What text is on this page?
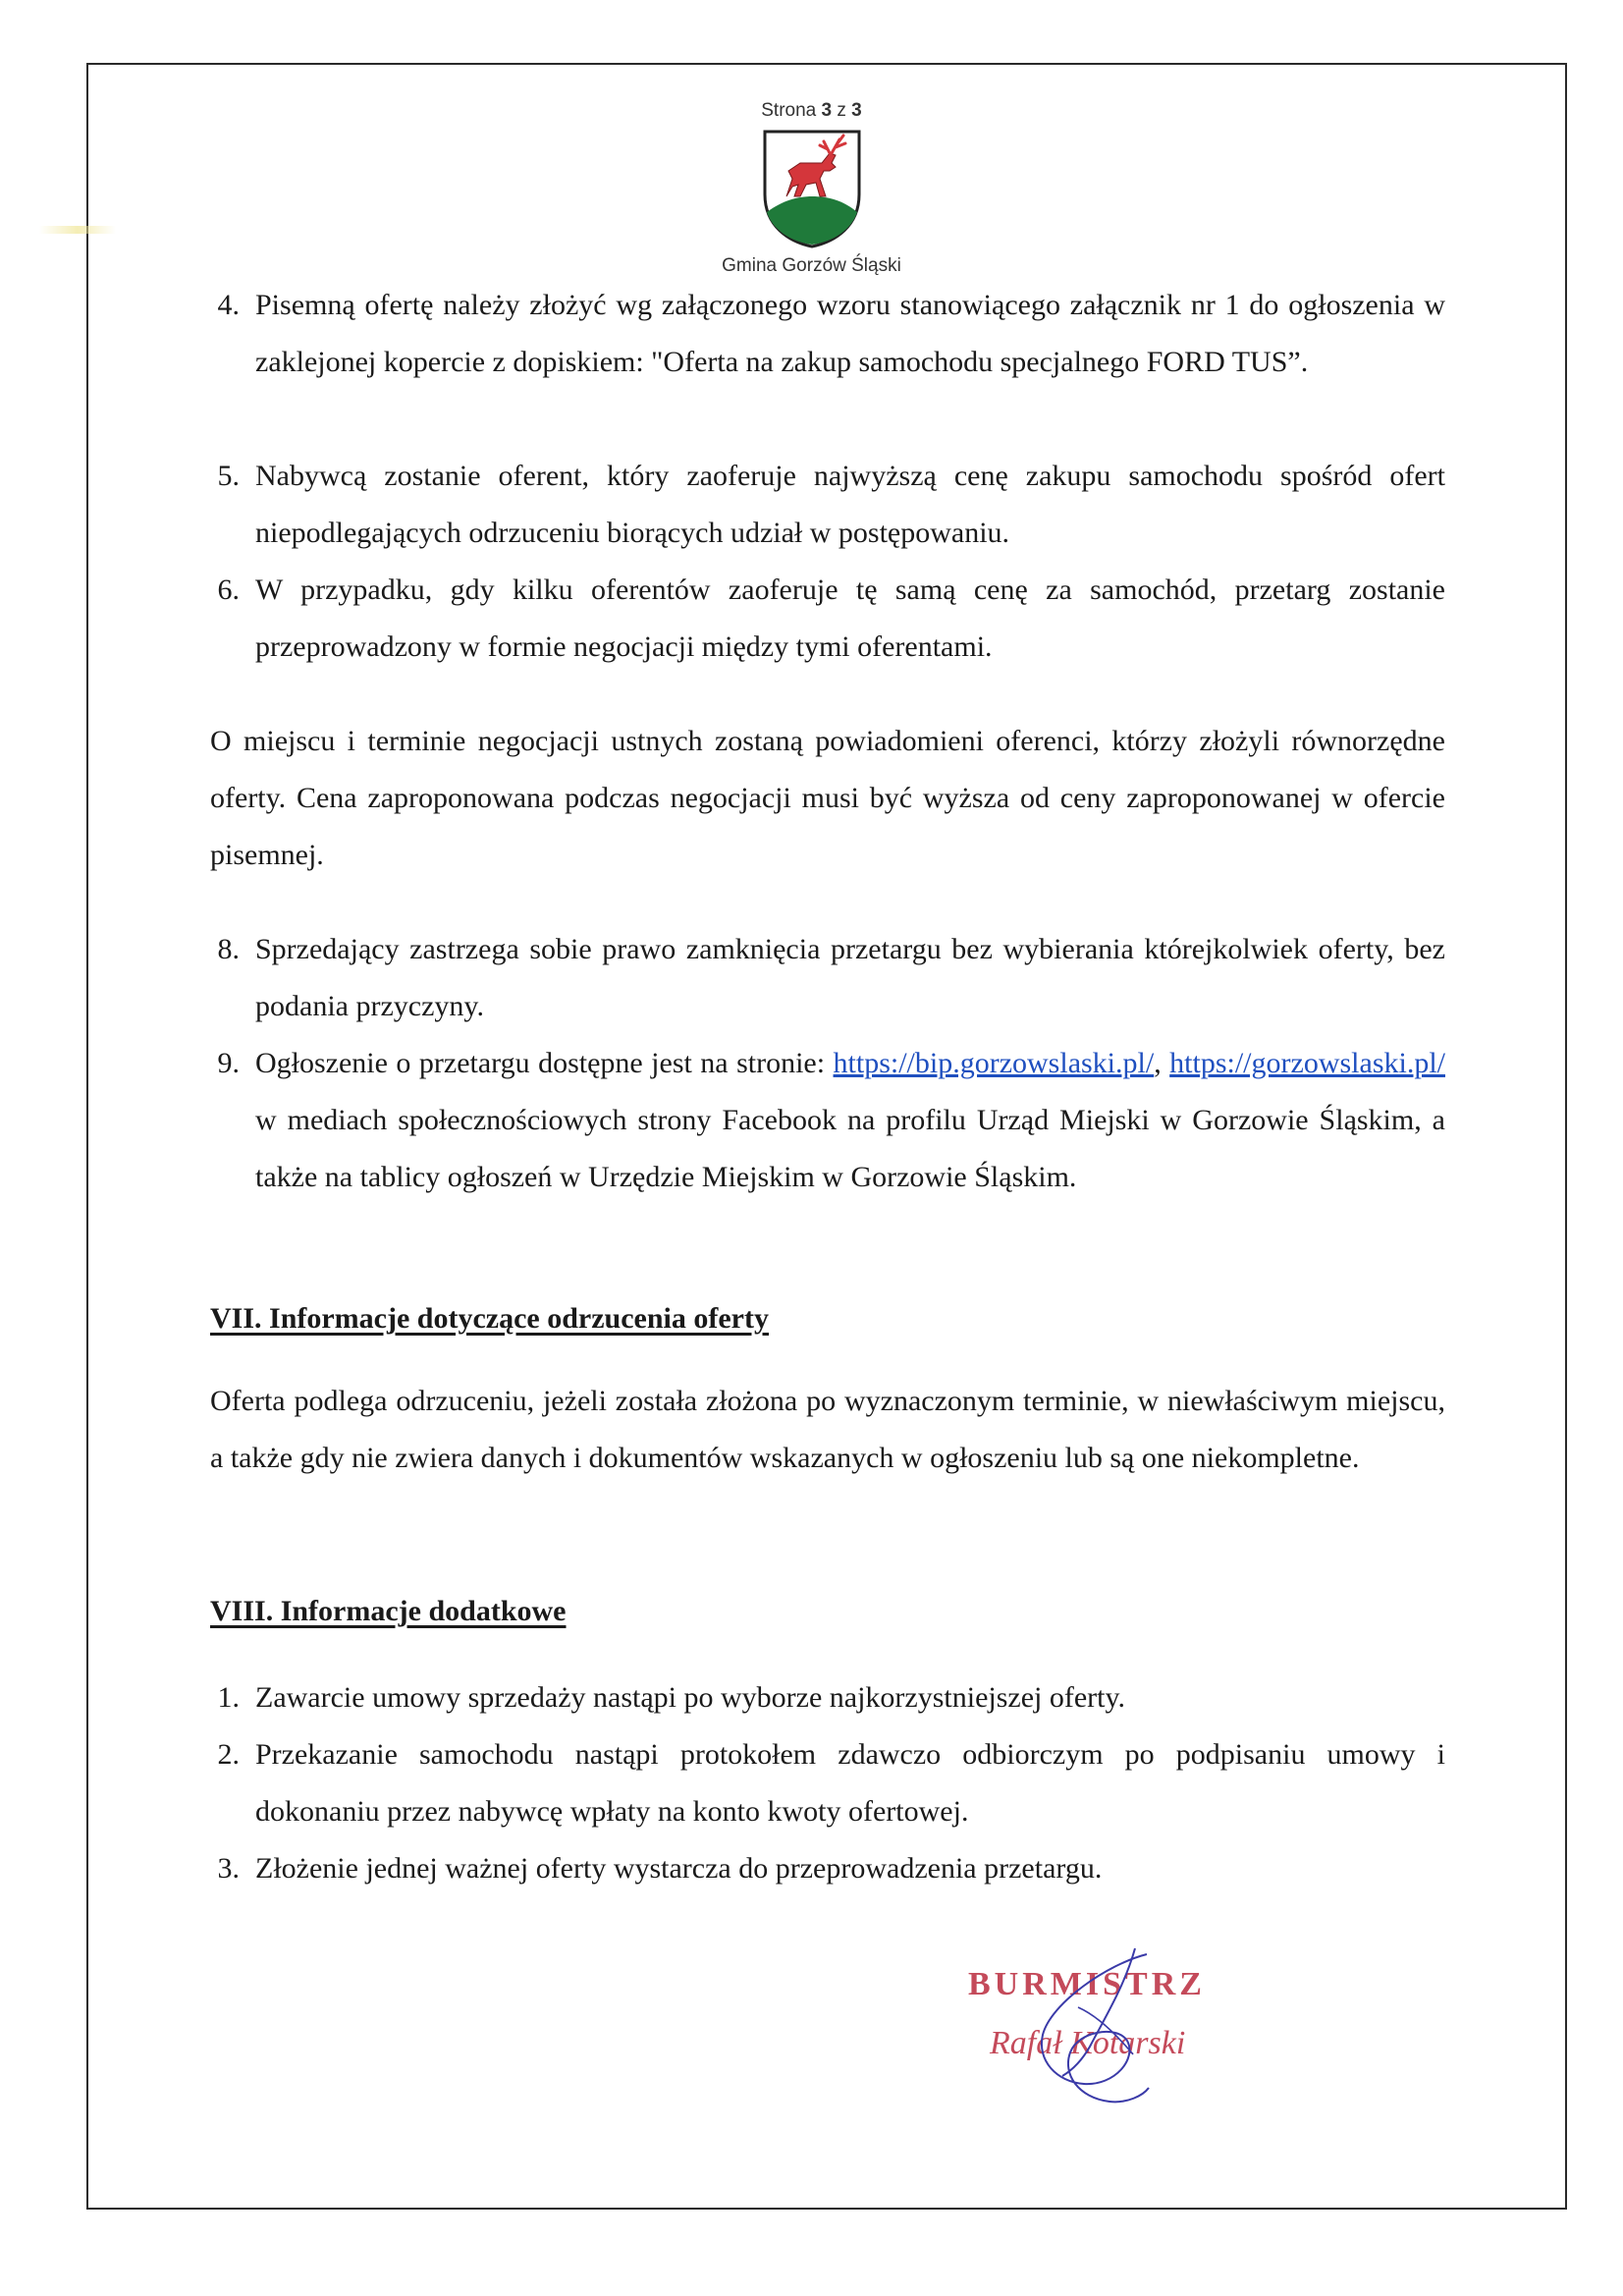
Strona 3 z 3
Gmina Gorzów Śląski
4. Pisemną ofertę należy złożyć wg załączonego wzoru stanowiącego załącznik nr 1 do ogłoszenia w zaklejonej kopercie z dopiskiem: "Oferta na zakup samochodu specjalnego FORD TUS”.
5. Nabywcą zostanie oferent, który zaoferuje najwyższą cenę zakupu samochodu spośród ofert niepodlegających odrzuceniu biorących udział w postępowaniu.
6. W przypadku, gdy kilku oferentów zaoferuje tę samą cenę za samochód, przetarg zostanie przeprowadzony w formie negocjacji między tymi oferentami.
O miejscu i terminie negocjacji ustnych zostaną powiadomieni oferenci, którzy złożyli równorzędne oferty. Cena zaproponowana podczas negocjacji musi być wyższa od ceny zaproponowanej w ofercie pisemnej.
8. Sprzedający zastrzega sobie prawo zamknięcia przetargu bez wybierania którejkolwiek oferty, bez podania przyczyny.
9. Ogłoszenie o przetargu dostępne jest na stronie: https://bip.gorzowslaski.pl/, https://gorzowslaski.pl/ w mediach społecznościowych strony Facebook na profilu Urząd Miejski w Gorzowie Śląskim, a także na tablicy ogłoszeń w Urzędzie Miejskim w Gorzowie Śląskim.
VII. Informacje dotyczące odrzucenia oferty
Oferta podlega odrzuceniu, jeżeli została złożona po wyznaczonym terminie, w niewłaściwym miejscu, a także gdy nie zwiera danych i dokumentów wskazanych w ogłoszeniu lub są one niekompletne.
VIII. Informacje dodatkowe
1. Zawarcie umowy sprzedaży nastąpi po wyborze najkorzystniejszej oferty.
2. Przekazanie samochodu nastąpi protokołem zdawczo odbiorczym po podpisaniu umowy i dokonaniu przez nabywcę wpłaty na konto kwoty ofertowej.
3. Złożenie jednej ważnej oferty wystarcza do przeprowadzenia przetargu.
BURMISTRZ
Rafał Kotarski
